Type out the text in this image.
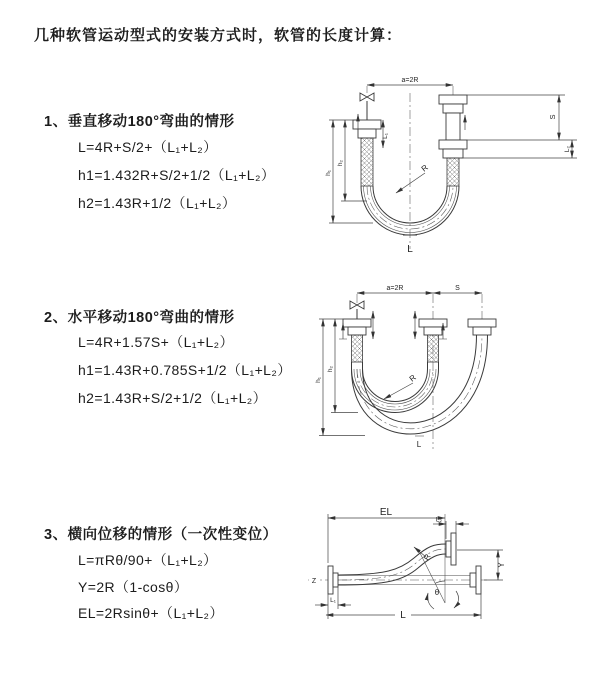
几种软管运动型式的安装方式时，软管的长度计算：
1、垂直移动180°弯曲的情形
L=4R+S/2+（L₁+L₂）
h1=1.432R+S/2+1/2（L₁+L₂）
h2=1.43R+1/2（L₁+L₂）
2、水平移动180°弯曲的情形
L=4R+1.57S+（L₁+L₂）
h1=1.43R+0.785S+1/2（L₁+L₂）
h2=1.43R+S/2+1/2（L₁+L₂）
3、横向位移的情形（一次性变位）
L=πRθ/90+（L₁+L₂）
Y=2R（1-cosθ）
EL=2Rsinθ+（L₁+L₂）
a=2R
R
L₁
S
L₂
h₂
h₁
L
a=2R	S
R
h₂
h₁
L
Z
EL
L₂
Y
R
θ
L₁
L
